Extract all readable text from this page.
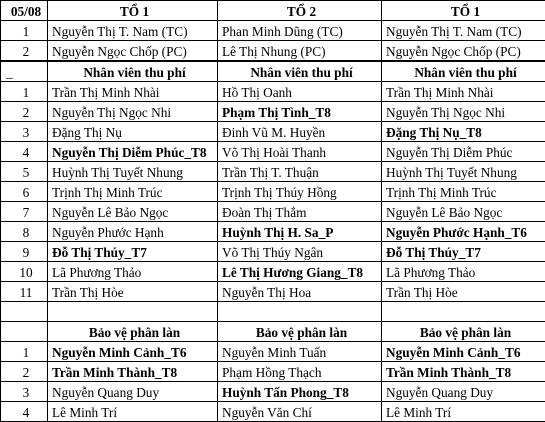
05/08	TỔ 1	TỔ 2	TỔ 1
1	Nguyễn Thị T. Nam (TC)	Phan Minh Dũng (TC)	Nguyễn Thị T. Nam (TC)
2	Nguyễn Ngọc Chốp (PC)	Lê Thị Nhung (PC)	Nguyễn Ngọc Chốp (PC)
_	Nhân viên thu phí	Nhân viên thu phí	Nhân viên thu phí
1	Trần Thị Minh Nhài	Hồ Thị Oanh	Trần Thị Minh Nhài
2	Nguyễn Thị Ngọc Nhi	Phạm Thị Tình_T8	Nguyễn Thị Ngọc Nhi
3	Đặng Thị Nụ	Đinh Vũ M. Huyền	Đặng Thị Nụ_T8
4	Nguyễn Thị Diễm Phúc_T8	Võ Thị Hoài Thanh	Nguyễn Thị Diễm Phúc
5	Huỳnh Thị Tuyết Nhung	Trần Thị T. Thuận	Huỳnh Thị Tuyết Nhung
6	Trịnh Thị Minh Trúc	Trịnh Thị Thúy Hồng	Trịnh Thị Minh Trúc
7	Nguyễn Lê Bảo Ngọc	Đoàn Thị Thắm	Nguyễn Lê Bảo Ngọc
8	Nguyễn Phước Hạnh	Huỳnh Thị H. Sa_P	Nguyễn Phước Hạnh_T6
9	Đỗ Thị Thúy_T7	Võ Thị Thúy Ngân	Đỗ Thị Thúy_T7
10	Lã Phương Thảo	Lê Thị Hương Giang_T8	Lã Phương Thảo
11	Trần Thị Hòe	Nguyễn Thị Hoa	Trần Thị Hòe

	Bảo vệ phân làn	Bảo vệ phân làn	Bảo vệ phân làn
1	Nguyễn Minh Cảnh_T6	Nguyễn Minh Tuấn	Nguyễn Minh Cảnh_T6
2	Trần Minh Thành_T8	Phạm Hồng Thạch	Trần Minh Thành_T8
3	Nguyễn Quang Duy	Huỳnh Tấn Phong_T8	Nguyễn Quang Duy
4	Lê Minh Trí	Nguyễn Văn Chí	Lê Minh Trí
